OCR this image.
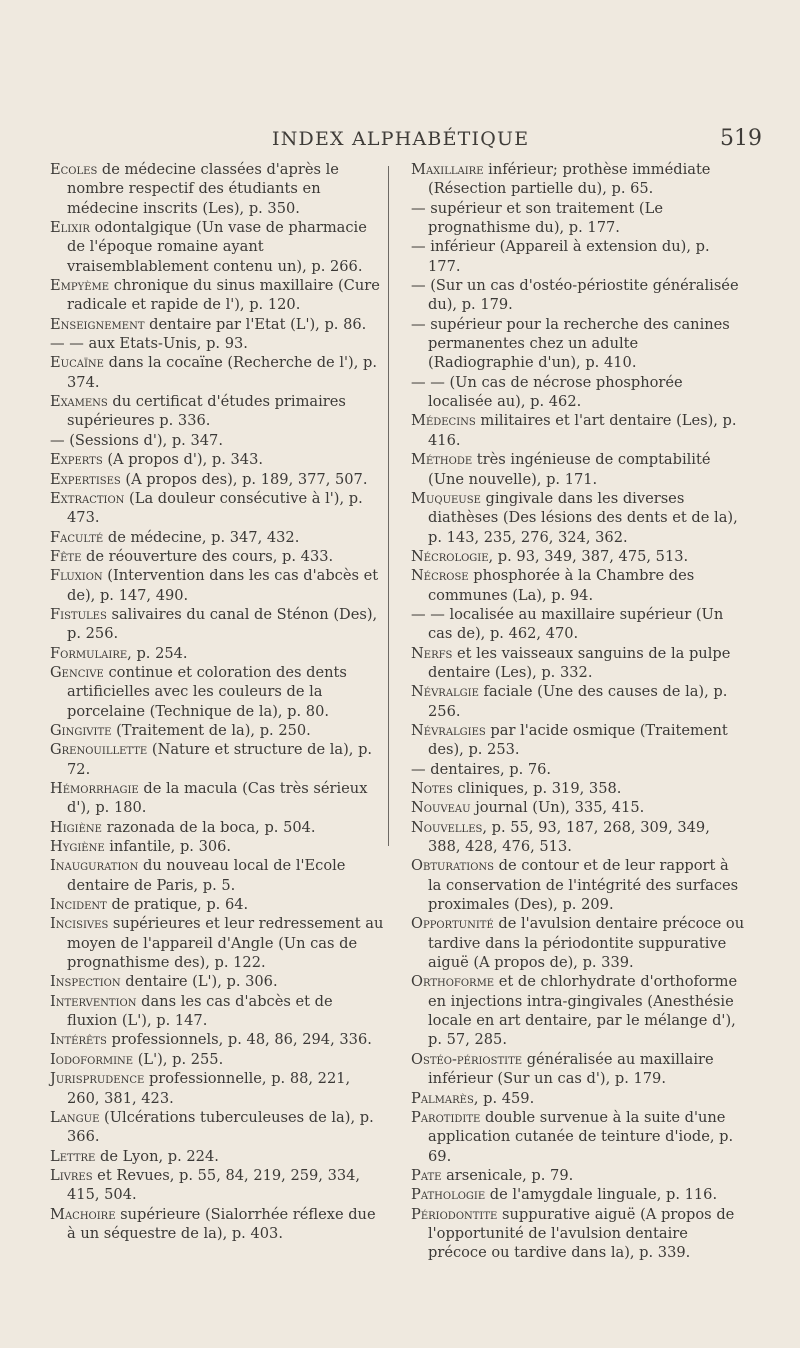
INDEX ALPHABÉTIQUE	519

Ecoles de médecine classées d'après le nombre respectif des étudiants en médecine inscrits (Les), p. 350.

Elixir odontalgique (Un vase de pharmacie de l'époque romaine ayant vraisemblablement contenu un), p. 266.

Empyème chronique du sinus maxillaire (Cure radicale et rapide de l'), p. 120.

Enseignement dentaire par l'Etat (L'), p. 86.

— — aux Etats-Unis, p. 93.

Eucaïne dans la cocaïne (Recherche de l'), p. 374.

Examens du certificat d'études primaires supérieures p. 336.

— (Sessions d'), p. 347.

Experts (A propos d'), p. 343.

Expertises (A propos des), p. 189, 377, 507.

Extraction (La douleur consécutive à l'), p. 473.

Faculté de médecine, p. 347, 432.

Fête de réouverture des cours, p. 433.

Fluxion (Intervention dans les cas d'abcès et de), p. 147, 490.

Fistules salivaires du canal de Sténon (Des), p. 256.

Formulaire, p. 254.

Gencive continue et coloration des dents artificielles avec les couleurs de la porcelaine (Technique de la), p. 80.

Gingivite (Traitement de la), p. 250.

Grenouillette (Nature et structure de la), p. 72.

Hémorrhagie de la macula (Cas très sérieux d'), p. 180.

Higiène razonada de la boca, p. 504.

Hygiène infantile, p. 306.

Inauguration du nouveau local de l'Ecole dentaire de Paris, p. 5.

Incident de pratique, p. 64.

Incisives supérieures et leur redressement au moyen de l'appareil d'Angle (Un cas de prognathisme des), p. 122.

Inspection dentaire (L'), p. 306.

Intervention dans les cas d'abcès et de fluxion (L'), p. 147.

Intérêts professionnels, p. 48, 86, 294, 336.

Iodoformine (L'), p. 255.

Jurisprudence professionnelle, p. 88, 221, 260, 381, 423.

Langue (Ulcérations tuberculeuses de la), p. 366.

Lettre de Lyon, p. 224.

Livres et Revues, p. 55, 84, 219, 259, 334, 415, 504.

Machoire supérieure (Sialorrhée réflexe due à un séquestre de la), p. 403.

Maxillaire inférieur; prothèse immédiate (Résection partielle du), p. 65.

— supérieur et son traitement (Le prognathisme du), p. 177.

— inférieur (Appareil à extension du), p. 177.

— (Sur un cas d'ostéo-périostite généralisée du), p. 179.

— supérieur pour la recherche des canines permanentes chez un adulte (Radiographie d'un), p. 410.

— — (Un cas de nécrose phosphorée localisée au), p. 462.

Médecins militaires et l'art dentaire (Les), p. 416.

Méthode très ingénieuse de comptabilité (Une nouvelle), p. 171.

Muqueuse gingivale dans les diverses diathèses (Des lésions des dents et de la), p. 143, 235, 276, 324, 362.

Nécrologie, p. 93, 349, 387, 475, 513.

Nécrose phosphorée à la Chambre des communes (La), p. 94.

— — localisée au maxillaire supérieur (Un cas de), p. 462, 470.

Nerfs et les vaisseaux sanguins de la pulpe dentaire (Les), p. 332.

Névralgie faciale (Une des causes de la), p. 256.

Névralgies par l'acide osmique (Traitement des), p. 253.

— dentaires, p. 76.

Notes cliniques, p. 319, 358.

Nouveau journal (Un), 335, 415.

Nouvelles, p. 55, 93, 187, 268, 309, 349, 388, 428, 476, 513.

Obturations de contour et de leur rapport à la conservation de l'intégrité des surfaces proximales (Des), p. 209.

Opportunité de l'avulsion dentaire précoce ou tardive dans la périodontite suppurative aiguë (A propos de), p. 339.

Orthoforme et de chlorhydrate d'orthoforme en injections intra-gingivales (Anesthésie locale en art dentaire, par le mélange d'), p. 57, 285.

Ostéo-périostite généralisée au maxillaire inférieur (Sur un cas d'), p. 179.

Palmarès, p. 459.

Parotidite double survenue à la suite d'une application cutanée de teinture d'iode, p. 69.

Pate arsenicale, p. 79.

Pathologie de l'amygdale linguale, p. 116.

Périodontite suppurative aiguë (A propos de l'opportunité de l'avulsion dentaire précoce ou tardive dans la), p. 339.
